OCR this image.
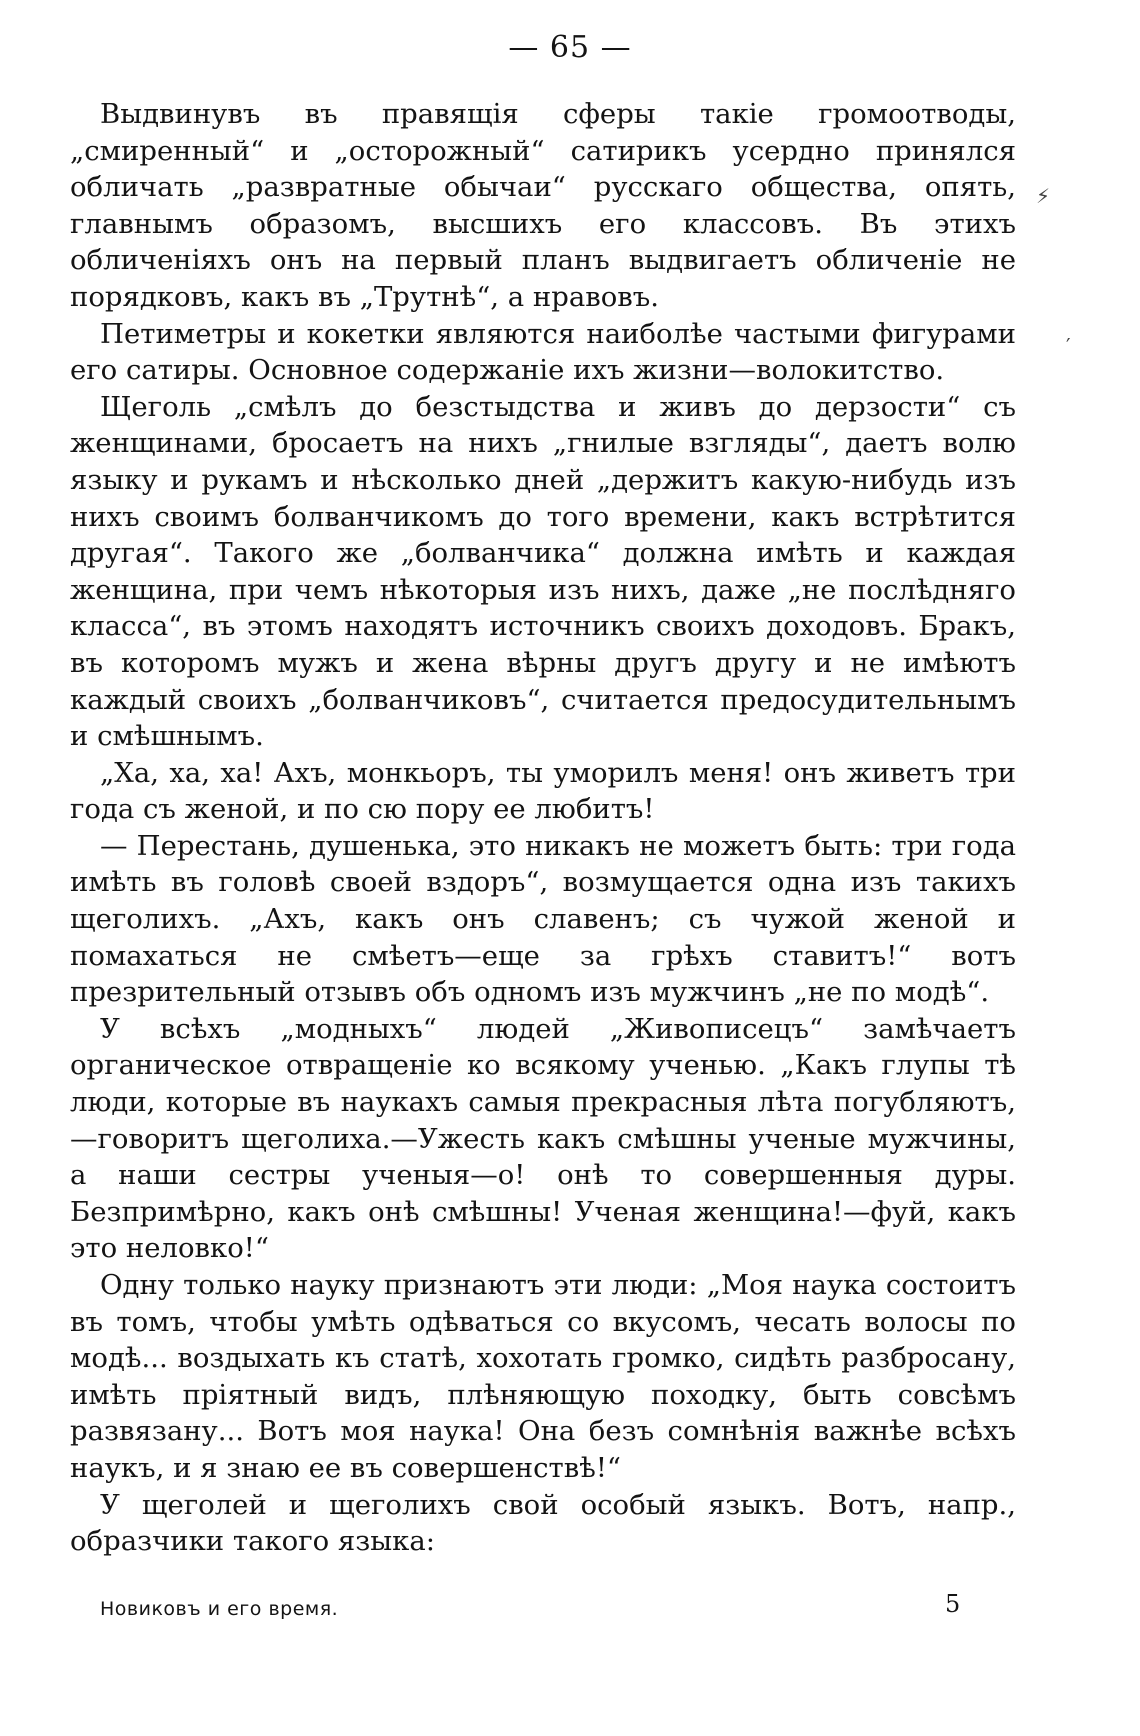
— 65 —

Выдвинувъ въ правящія сферы такіе громоотводы, „смиренный“ и „осторожный“ сатирикъ усердно принялся обличать „развратные обычаи“ русскаго общества, опять, главнымъ образомъ, высшихъ его классовъ. Въ этихъ обличеніяхъ онъ на первый планъ выдвигаетъ обличеніе не порядковъ, какъ въ „Трутнѣ“, а нравовъ.

Петиметры и кокетки являются наиболѣе частыми фигурами его сатиры. Основное содержаніе ихъ жизни—волокитство.

Щеголь „смѣлъ до безстыдства и живъ до дерзости“ съ женщинами, бросаетъ на нихъ „гнилые взгляды“, даетъ волю языку и рукамъ и нѣсколько дней „держитъ какую-нибудь изъ нихъ своимъ болванчикомъ до того времени, какъ встрѣтится другая“. Такого же „болванчика“ должна имѣть и каждая женщина, при чемъ нѣкоторыя изъ нихъ, даже „не послѣдняго класса“, въ этомъ находятъ источникъ своихъ доходовъ. Бракъ, въ которомъ мужъ и жена вѣрны другъ другу и не имѣютъ каждый своихъ „болванчиковъ“, считается предосудительнымъ и смѣшнымъ.

„Ха, ха, ха! Ахъ, монкьоръ, ты уморилъ меня! онъ живетъ три года съ женой, и по сю пору ее любитъ!

— Перестань, душенька, это никакъ не можетъ быть: три года имѣть въ головѣ своей вздоръ“, возмущается одна изъ такихъ щеголихъ. „Ахъ, какъ онъ славенъ; съ чужой женой и помахаться не смѣетъ—еще за грѣхъ ставитъ!“ вотъ презрительный отзывъ объ одномъ изъ мужчинъ „не по модѣ“.

У всѣхъ „модныхъ“ людей „Живописецъ“ замѣчаетъ органическое отвращеніе ко всякому ученью. „Какъ глупы тѣ люди, которые въ наукахъ самыя прекрасныя лѣта погубляютъ,—говоритъ щеголиха.—Ужесть какъ смѣшны ученые мужчины, а наши сестры ученыя—о! онѣ то совершенныя дуры. Безпримѣрно, какъ онѣ смѣшны! Ученая женщина!—фуй, какъ это неловко!“

Одну только науку признаютъ эти люди: „Моя наука состоитъ въ томъ, чтобы умѣть одѣваться со вкусомъ, чесать волосы по модѣ... воздыхать къ статѣ, хохотать громко, сидѣть разбросану, имѣть пріятный видъ, плѣняющую походку, быть совсѣмъ развязану... Вотъ моя наука! Она безъ сомнѣнія важнѣе всѣхъ наукъ, и я знаю ее въ совершенствѣ!“

У щеголей и щеголихъ свой особый языкъ. Вотъ, напр., образчики такого языка:

⚡
′
Новиковъ и его время.	5
